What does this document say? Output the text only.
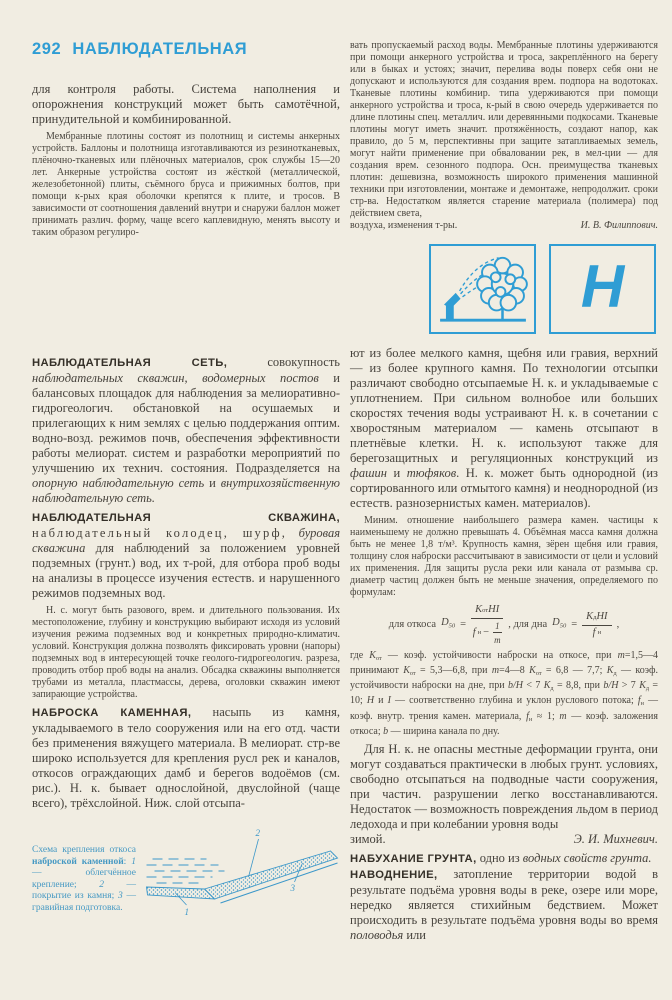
292 НАБЛЮДАТЕЛЬНАЯ

для контроля работы. Система наполнения и опорожнения конструкций может быть самотёчной, принудительной и комбинированной.

Мембранные плотины состоят из полотнищ и системы анкерных устройств. Баллоны и полотнища изготавливаются из резинотканевых, плёночно-тканевых или плёночных материалов, срок службы 15—20 лет. Анкерные устройства состоят из жёсткой (металлической, железобетонной) плиты, съёмного бруса и прижимных болтов, при помощи к-рых края оболочки крепятся к плите, и тросов. В зависимости от соотношения давлений внутри и снаружи баллон может принимать различ. форму, чаще всего каплевидную, менять высоту и таким образом регулиро-

НАБЛЮДАТЕЛЬНАЯ СЕТЬ, совокупность наблюдательных скважин, водомерных постов и балансовых площадок для наблюдения за мелиоративно-гидрогеологич. обстановкой на осушаемых и прилегающих к ним землях с целью поддержания оптим. водно-возд. режимов почв, обеспечения эффективности работы мелиорат. систем и разработки мероприятий по улучшению их технич. состояния. Подразделяется на опорную наблюдательную сеть и внутрихозяйственную наблюдательную сеть.

НАБЛЮДАТЕЛЬНАЯ СКВАЖИНА, наблюдательный колодец, шурф, буровая скважина для наблюдений за положением уровней подземных (грунт.) вод, их т-рой, для отбора проб воды на анализы в процессе изучения естеств. и нарушенного режимов подземных вод.

Н. с. могут быть разового, врем. и длительного пользования. Их местоположение, глубину и конструкцию выбирают исходя из условий изучения режима подземных вод и конкретных природно-климатич. условий. Конструкция должна позволять фиксировать уровни (напоры) подземных вод в интересующей точке геолого-гидрогеологич. разреза, проводить отбор проб воды на анализ. Обсадка скважины выполняется трубами из металла, пластмассы, дерева, оголовки скважин имеют запирающие устройства.

НАБРОСКА КАМЕННАЯ, насыпь из камня, укладываемого в тело сооружения или на его отд. части без применения вяжущего материала. В мелиорат. стр-ве широко используется для крепления русл рек и каналов, откосов ограждающих дамб и берегов водоёмов (см. рис.). Н. к. бывает однослойной, двуслойной (чаще всего), трёхслойной. Ниж. слой отсыпа-

Схема крепления откоса наброской каменной: 1 — облегчённое крепление; 2 — покрытие из камня; 3 — гравийная подготовка.
2
3
1

вать пропускаемый расход воды. Мембранные плотины удерживаются при помощи анкерного устройства и троса, закреплённого на берегу или в быках и устоях; значит, перелива воды поверх себя они не допускают и используются для создания врем. подпора на водотоках. Тканевые плотины комбинир. типа удерживаются при помощи анкерного устройства и троса, к-рый в свою очередь удерживается по длине плотины спец. металлич. или деревянными подкосами. Тканевые плотины могут иметь значит. протяжённость, создают напор, как правило, до 5 м, перспективны при защите затапливаемых земель, могут найти применение при обваловании рек, в мел-ции — для создания врем. сезонного подпора. Осн. преимущества тканевых плотин: дешевизна, возможность широкого применения машинной техники при изготовлении, монтаже и демонтаже, непродолжит. сроки стр-ва. Недостатком является старение материала (полимера) под действием света,

воздуха, изменения т-ры.	И. В. Филиппович.
Н

ют из более мелкого камня, щебня или гравия, верхний — из более крупного камня. По технологии отсыпки различают свободно отсыпаемые Н. к. и укладываемые с уплотнением. При сильном волнобое или больших скоростях течения воды устраивают Н. к. в сочетании с хворостяным материалом — камень отсыпают в плетнёвые клетки. Н. к. используют также для берегозащитных и регуляционных конструкций из фашин и тюфяков. Н. к. может быть однородной (из сортированного или отмытого камня) и неоднородной (из естеств. разнозернистых камен. материалов).

Миним. отношение наибольшего размера камен. частицы к наименьшему не должно превышать 4. Объёмная масса камня должна быть не менее 1,8 т/м³. Крупность камня, зёрен щебня или гравия, толщину слоя наброски рассчитывают в зависимости от цели и условий их применения. Для защиты русла реки или канала от размыва ср. диаметр частиц должен быть не меньше значения, определяемого по формулам:

для откоса $D_{50} = \frac{\text{K от HI}}{f н - \frac{1}{m}}$ , для дна $D_{50} = \frac{\text{K д HI}}{\text{f н}}$ ,

где $K_{от}$ — коэф. устойчивости наброски на откосе, при m=1,5—4 принимают $K_{от}$ = 5,3—6,8, при m=4—8 $K_{от} = 6,8$ — 7,7; $K_д$ — коэф. устойчивости наброски на дне, при b/H < 7 $K_д = 8,8$, при b/H > 7 $K_д = 10$; H и I — соответственно глубина и уклон руслового потока; $f_н$ — коэф. внутр. трения камен. материала, $f_н \approx 1$; m — коэф. заложения откоса; b — ширина канала по дну.

Для Н. к. не опасны местные деформации грунта, они могут создаваться практически в любых грунт. условиях, свободно отсыпаться на подводные части сооружения, при частич. разрушении легко восстанавливаются. Недостаток — возможность повреждения льдом в период ледохода и при колебании уровня воды

зимой.	Э. И. Михневич.

НАБУХАНИЕ ГРУНТА, одно из водных свойств грунта.

НАВОДНЕНИЕ, затопление территории водой в результате подъёма уровня воды в реке, озере или море, нередко является стихийным бедствием. Может происходить в результате подъёма уровня воды во время половодья или
